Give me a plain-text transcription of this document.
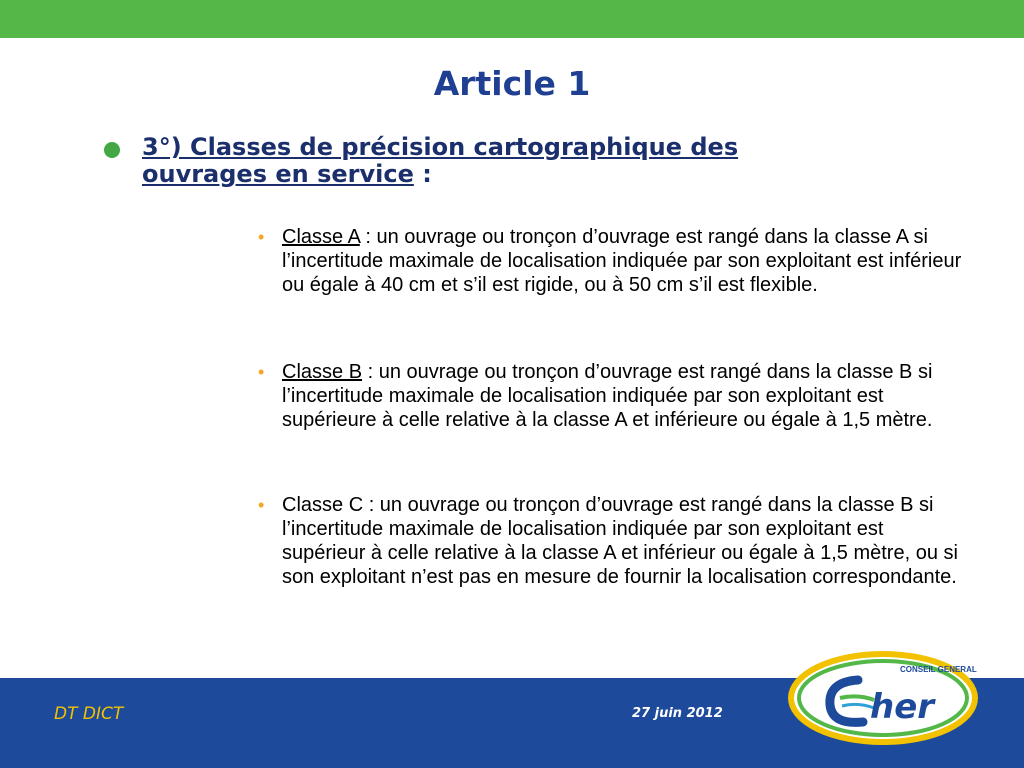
Article 1
3°) Classes de précision cartographique des ouvrages en service :
• Classe A : un ouvrage ou tronçon d’ouvrage est rangé dans la classe A si l’incertitude maximale de localisation indiquée par son exploitant est inférieur ou égale à 40 cm et s’il est rigide, ou à 50 cm s’il est flexible.
• Classe B : un ouvrage ou tronçon d’ouvrage est rangé dans la classe B si l’incertitude maximale de localisation indiquée par son exploitant est supérieure à celle relative à la classe A et inférieure ou égale à 1,5 mètre.
• Classe C : un ouvrage ou tronçon d’ouvrage est rangé dans la classe B si l’incertitude maximale de localisation indiquée par son exploitant est supérieur à celle relative à la classe A et inférieur ou égale à 1,5 mètre, ou si son exploitant n’est pas en mesure de fournir la localisation correspondante.
DT DICT	27 juin 2012
CONSEIL GENERAL
her
